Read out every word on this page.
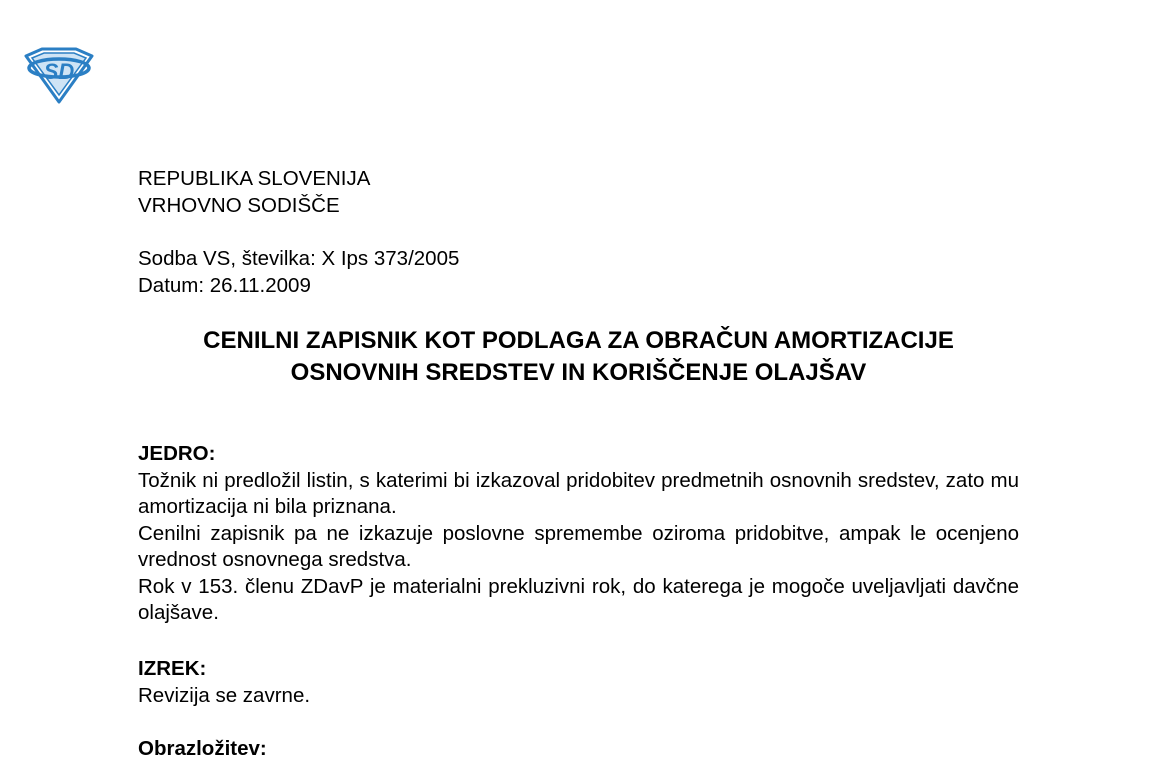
SD
REPUBLIKA SLOVENIJA
VRHOVNO SODIŠČE
Sodba VS, številka: X Ips 373/2005
Datum: 26.11.2009
CENILNI ZAPISNIK KOT PODLAGA ZA OBRAČUN AMORTIZACIJE
OSNOVNIH SREDSTEV IN KORIŠČENJE OLAJŠAV
JEDRO:

Tožnik ni predložil listin, s katerimi bi izkazoval pridobitev predmetnih osnovnih sredstev, zato mu amortizacija ni bila priznana.

Cenilni zapisnik pa ne izkazuje poslovne spremembe oziroma pridobitve, ampak le ocenjeno vrednost osnovnega sredstva.

Rok v 153. členu ZDavP je materialni prekluzivni rok, do katerega je mogoče uveljavljati davčne olajšave.

IZREK:

Revizija se zavrne.

Obrazložitev:
